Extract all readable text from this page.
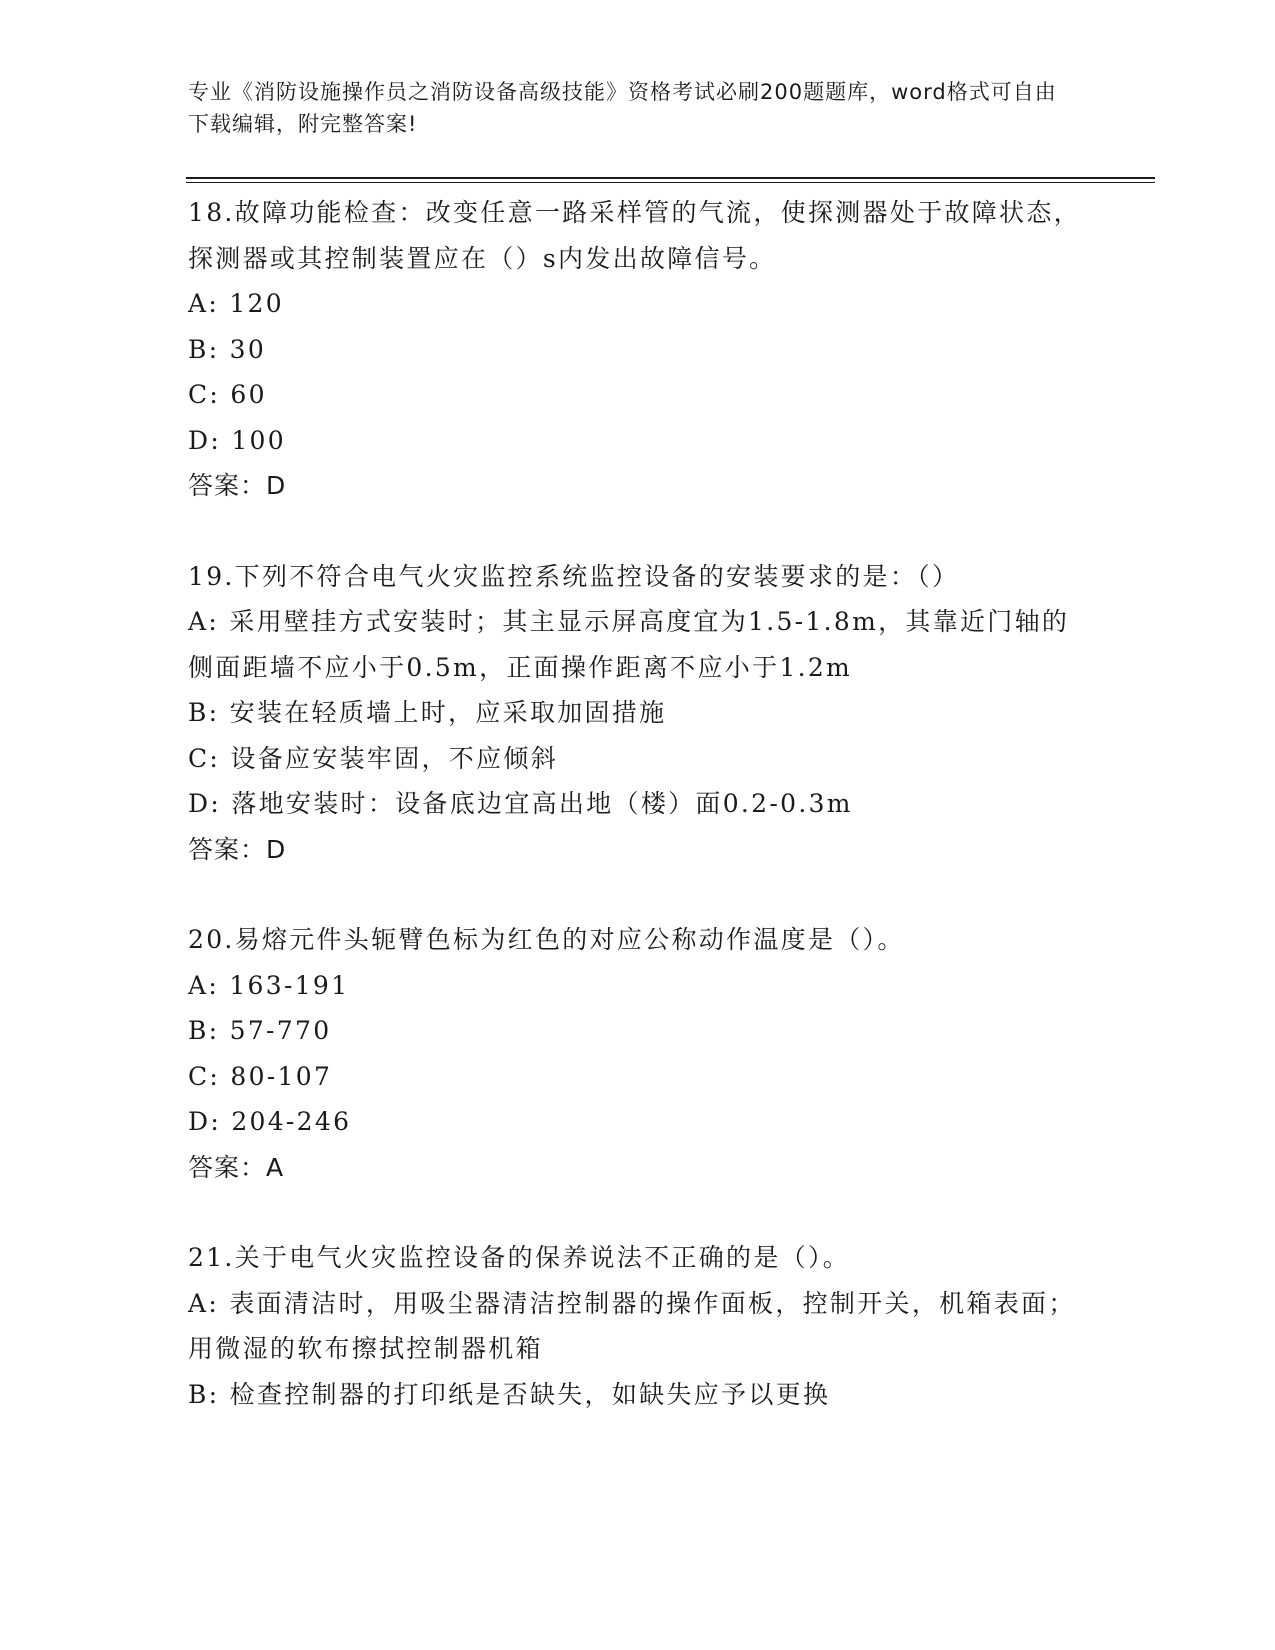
专业《消防设施操作员之消防设备高级技能》资格考试必刷200题题库，word格式可自由下载编辑，附完整答案!
18.故障功能检查：改变任意一路采样管的气流，使探测器处于故障状态，探测器或其控制装置应在（）s内发出故障信号。
A: 120
B: 30
C: 60
D: 100
答案：D
19.下列不符合电气火灾监控系统监控设备的安装要求的是：（）
A: 采用壁挂方式安装时；其主显示屏高度宜为1.5-1.8m，其靠近门轴的侧面距墙不应小于0.5m，正面操作距离不应小于1.2m
B: 安装在轻质墙上时，应采取加固措施
C: 设备应安装牢固，不应倾斜
D: 落地安装时：设备底边宜高出地（楼）面0.2-0.3m
答案：D
20.易熔元件头轭臂色标为红色的对应公称动作温度是（）。
A: 163-191
B: 57-770
C: 80-107
D: 204-246
答案：A
21.关于电气火灾监控设备的保养说法不正确的是（）。
A: 表面清洁时，用吸尘器清洁控制器的操作面板，控制开关，机箱表面；用微湿的软布擦拭控制器机箱
B: 检查控制器的打印纸是否缺失，如缺失应予以更换
